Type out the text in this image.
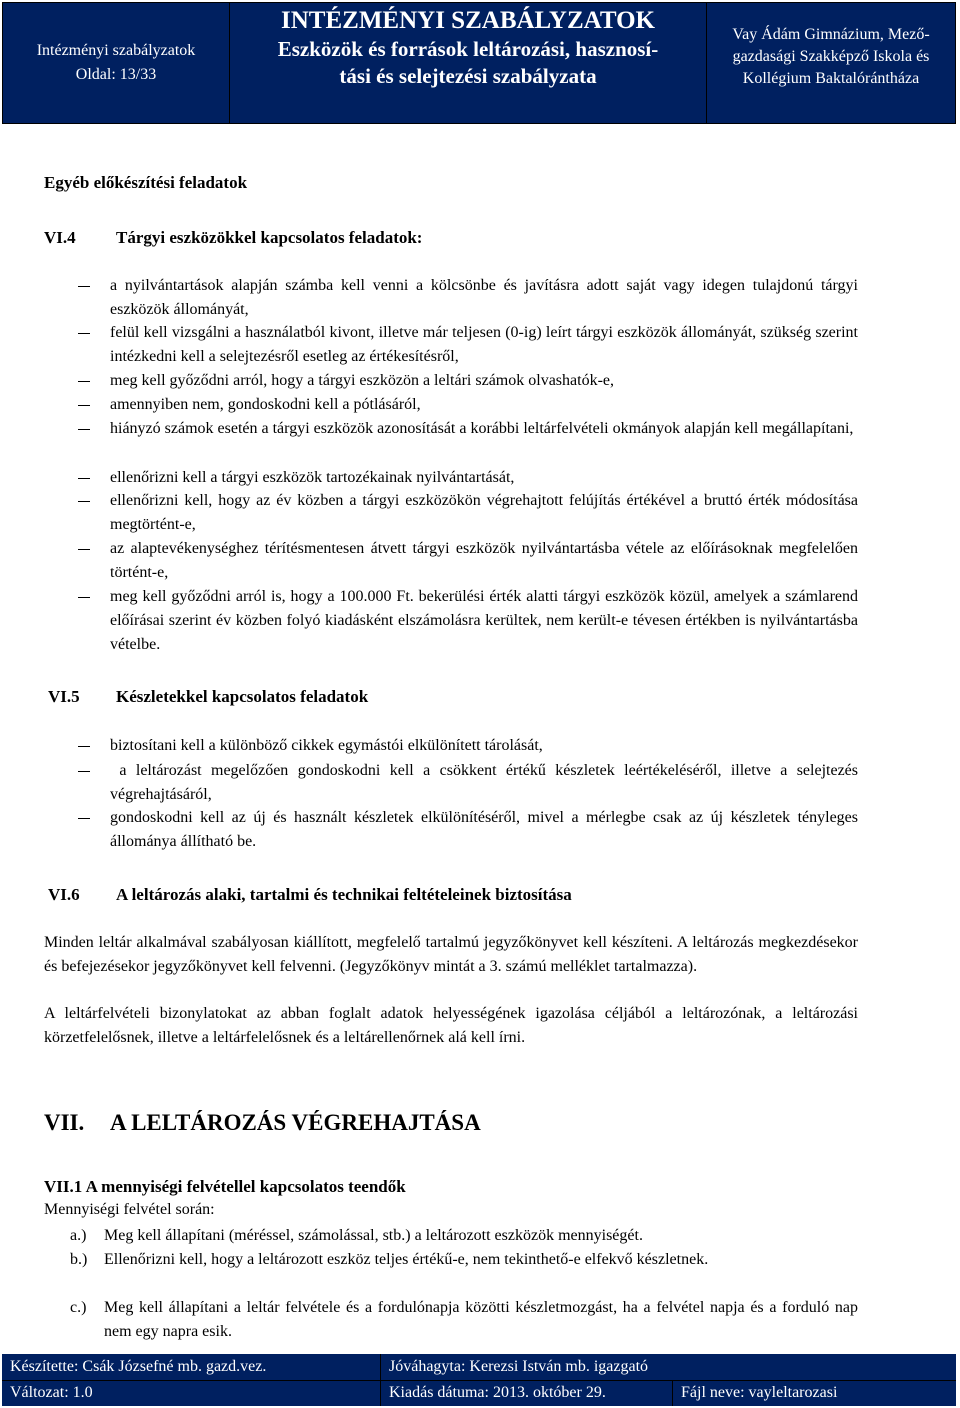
Intézményi szabályzatok
Oldal: 13/33
INTÉZMÉNYI SZABÁLYZATOK
Eszközök és források leltározási, hasznosí-
tási és selejtezési szabályzata
Vay Ádám Gimnázium, Mező-
gazdasági Szakképző Iskola és
Kollégium Baktalórántháza
Egyéb előkészítési feladatok
VI.4 Tárgyi eszközökkel kapcsolatos feladatok:
a nyilvántartások alapján számba kell venni a kölcsönbe és javításra adott saját vagy idegen tulajdonú tárgyi eszközök állományát,
felül kell vizsgálni a használatból kivont, illetve már teljesen (0-ig) leírt tárgyi eszközök állományát, szükség szerint intézkedni kell a selejtezésről esetleg az értékesítésről,
meg kell győződni arról, hogy a tárgyi eszközön a leltári számok olvashatók-e,
amennyiben nem, gondoskodni kell a pótlásáról,
hiányzó számok esetén a tárgyi eszközök azonosítását a korábbi leltárfelvételi okmányok alapján kell megállapítani,
ellenőrizni kell a tárgyi eszközök tartozékainak nyilvántartását,
ellenőrizni kell, hogy az év közben a tárgyi eszközökön végrehajtott felújítás értékével a bruttó érték módosítása megtörtént-e,
az alaptevékenységhez térítésmentesen átvett tárgyi eszközök nyilvántartásba vétele az előírásoknak megfelelően történt-e,
meg kell győződni arról is, hogy a 100.000 Ft. bekerülési érték alatti tárgyi eszközök közül, amelyek a számlarend előírásai szerint év közben folyó kiadásként elszámolásra kerültek, nem került-e tévesen értékben is nyilvántartásba vételbe.
VI.5 Készletekkel kapcsolatos feladatok
biztosítani kell a különböző cikkek egymástói elkülönített tárolását,
a leltározást megelőzően gondoskodni kell a csökkent értékű készletek leértékeléséről, illetve a selejtezés végrehajtásáról,
gondoskodni kell az új és használt készletek elkülönítéséről, mivel a mérlegbe csak az új készletek tényleges állománya állítható be.
VI.6 A leltározás alaki, tartalmi és technikai feltételeinek biztosítása
Minden leltár alkalmával szabályosan kiállított, megfelelő tartalmú jegyzőkönyvet kell készíteni. A leltározás megkezdésekor és befejezésekor jegyzőkönyvet kell felvenni. (Jegyzőkönyv mintát a 3. számú melléklet tartalmazza).
A leltárfelvételi bizonylatokat az abban foglalt adatok helyességének igazolása céljából a leltározónak, a leltározási körzetfelelősnek, illetve a leltárfelelősnek és a leltárellenőrnek alá kell írni.
VII. A LELTÁROZÁS VÉGREHAJTÁSA
VII.1 A mennyiségi felvétellel kapcsolatos teendők
Mennyiségi felvétel során:
a.) Meg kell állapítani (méréssel, számolással, stb.) a leltározott eszközök mennyiségét.
b.) Ellenőrizni kell, hogy a leltározott eszköz teljes értékű-e, nem tekinthető-e elfekvő készletnek.
c.) Meg kell állapítani a leltár felvétele és a fordulónapja közötti készletmozgást, ha a felvétel napja és a forduló nap nem egy napra esik.
Készítette: Csák Józsefné mb. gazd.vez.	Jóváhagyta: Kerezsi István mb. igazgató
Változat: 1.0	Kiadás dátuma: 2013. október 29.	Fájl neve: vayleltarozasi
